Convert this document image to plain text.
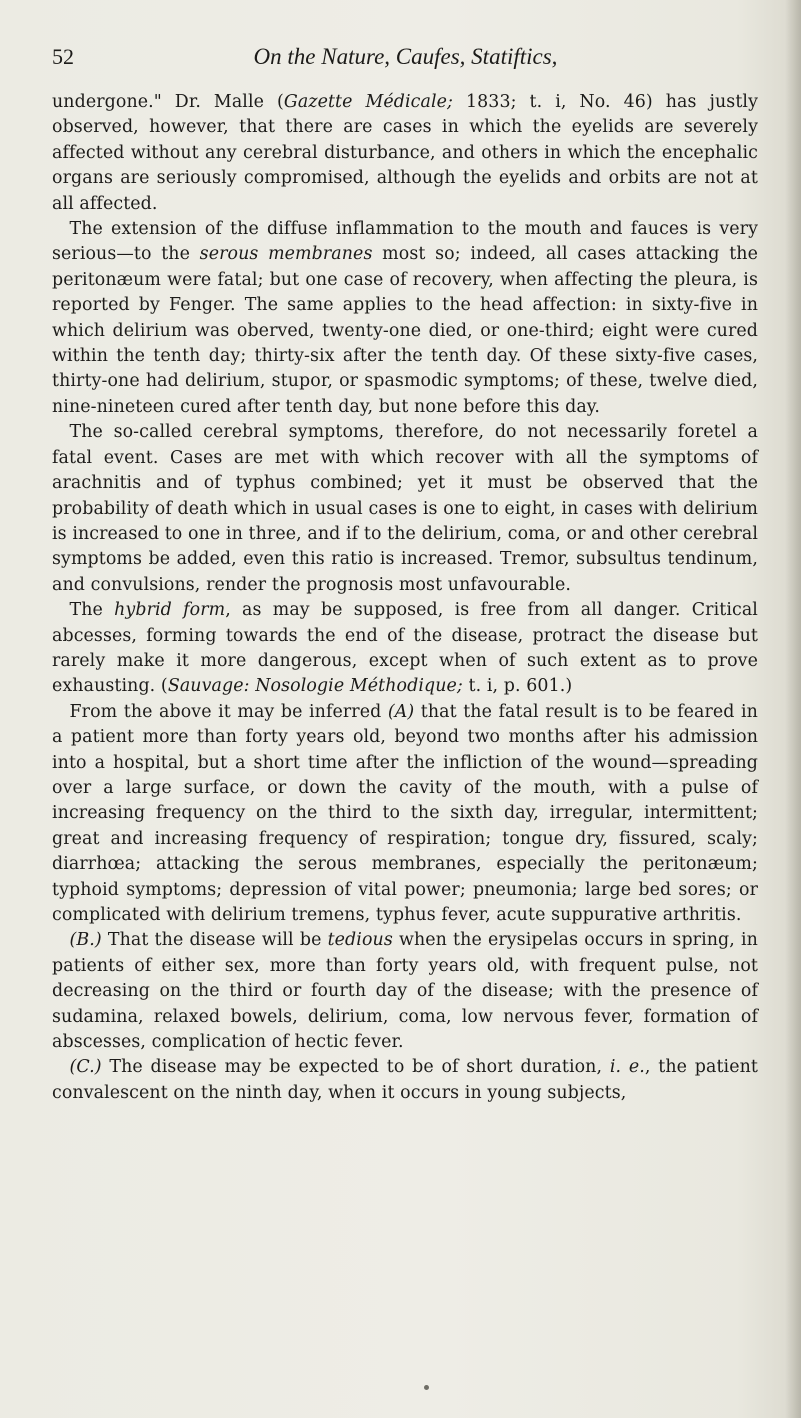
52	On the Nature, Caufes, Statiftics,

undergone." Dr. Malle (Gazette Médicale; 1833; t. i, No. 46) has justly observed, however, that there are cases in which the eyelids are severely affected without any cerebral disturbance, and others in which the encephalic organs are seriously compromised, although the eyelids and orbits are not at all affected.

 The extension of the diffuse inflammation to the mouth and fauces is very serious—to the serous membranes most so; indeed, all cases attacking the peritonæum were fatal; but one case of recovery, when affecting the pleura, is reported by Fenger. The same applies to the head affection: in sixty-five in which delirium was oberved, twenty-one died, or one-third; eight were cured within the tenth day; thirty-six after the tenth day. Of these sixty-five cases, thirty-one had delirium, stupor, or spasmodic symptoms; of these, twelve died, nine-nineteen cured after tenth day, but none before this day.

 The so-called cerebral symptoms, therefore, do not necessarily foretel a fatal event. Cases are met with which recover with all the symptoms of arachnitis and of typhus combined; yet it must be observed that the probability of death which in usual cases is one to eight, in cases with delirium is increased to one in three, and if to the delirium, coma, or and other cerebral symptoms be added, even this ratio is increased. Tremor, subsultus tendinum, and convulsions, render the prognosis most unfavourable.

 The hybrid form, as may be supposed, is free from all danger. Critical abcesses, forming towards the end of the disease, protract the disease but rarely make it more dangerous, except when of such extent as to prove exhausting. (Sauvage: Nosologie Méthodique; t. i, p. 601.)

 From the above it may be inferred (A) that the fatal result is to be feared in a patient more than forty years old, beyond two months after his admission into a hospital, but a short time after the infliction of the wound—spreading over a large surface, or down the cavity of the mouth, with a pulse of increasing frequency on the third to the sixth day, irregular, intermittent; great and increasing frequency of respiration; tongue dry, fissured, scaly; diarrhœa; attacking the serous membranes, especially the peritonæum; typhoid symptoms; depression of vital power; pneumonia; large bed sores; or complicated with delirium tremens, typhus fever, acute suppurative arthritis.

 (B.) That the disease will be tedious when the erysipelas occurs in spring, in patients of either sex, more than forty years old, with frequent pulse, not decreasing on the third or fourth day of the disease; with the presence of sudamina, relaxed bowels, delirium, coma, low nervous fever, formation of abscesses, complication of hectic fever.

 (C.) The disease may be expected to be of short duration, i. e., the patient convalescent on the ninth day, when it occurs in young subjects,
